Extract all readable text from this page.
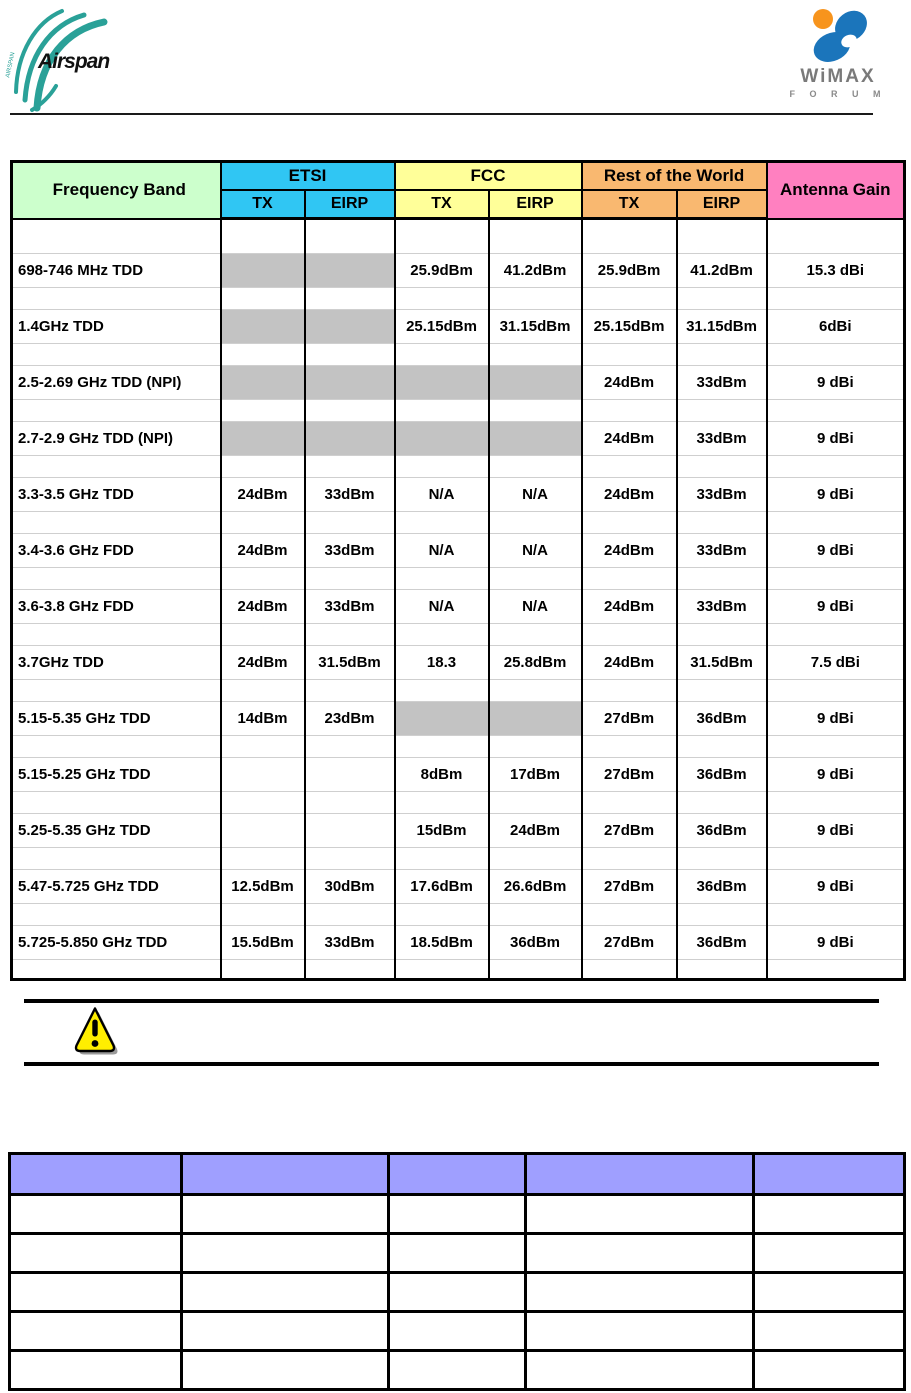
AIRSPAN Airspan
WiMAX
F O R U M
Frequency Band	ETSI		FCC		Rest of the World		Antenna Gain
	TX	EIRP	TX	EIRP	TX	EIRP	

698-746 MHz TDD			25.9dBm	41.2dBm	25.9dBm	41.2dBm	15.3 dBi

1.4GHz TDD			25.15dBm	31.15dBm	25.15dBm	31.15dBm	6dBi

2.5-2.69 GHz TDD (NPI)					24dBm	33dBm	9 dBi

2.7-2.9 GHz TDD (NPI)					24dBm	33dBm	9 dBi

3.3-3.5 GHz TDD	24dBm	33dBm	N/A	N/A	24dBm	33dBm	9 dBi

3.4-3.6 GHz FDD	24dBm	33dBm	N/A	N/A	24dBm	33dBm	9 dBi

3.6-3.8 GHz FDD	24dBm	33dBm	N/A	N/A	24dBm	33dBm	9 dBi

3.7GHz TDD	24dBm	31.5dBm	18.3	25.8dBm	24dBm	31.5dBm	7.5 dBi

5.15-5.35 GHz TDD	14dBm	23dBm			27dBm	36dBm	9 dBi

5.15-5.25 GHz TDD			8dBm	17dBm	27dBm	36dBm	9 dBi

5.25-5.35 GHz TDD			15dBm	24dBm	27dBm	36dBm	9 dBi

5.47-5.725 GHz TDD	12.5dBm	30dBm	17.6dBm	26.6dBm	27dBm	36dBm	9 dBi

5.725-5.850 GHz TDD	15.5dBm	33dBm	18.5dBm	36dBm	27dBm	36dBm	9 dBi
